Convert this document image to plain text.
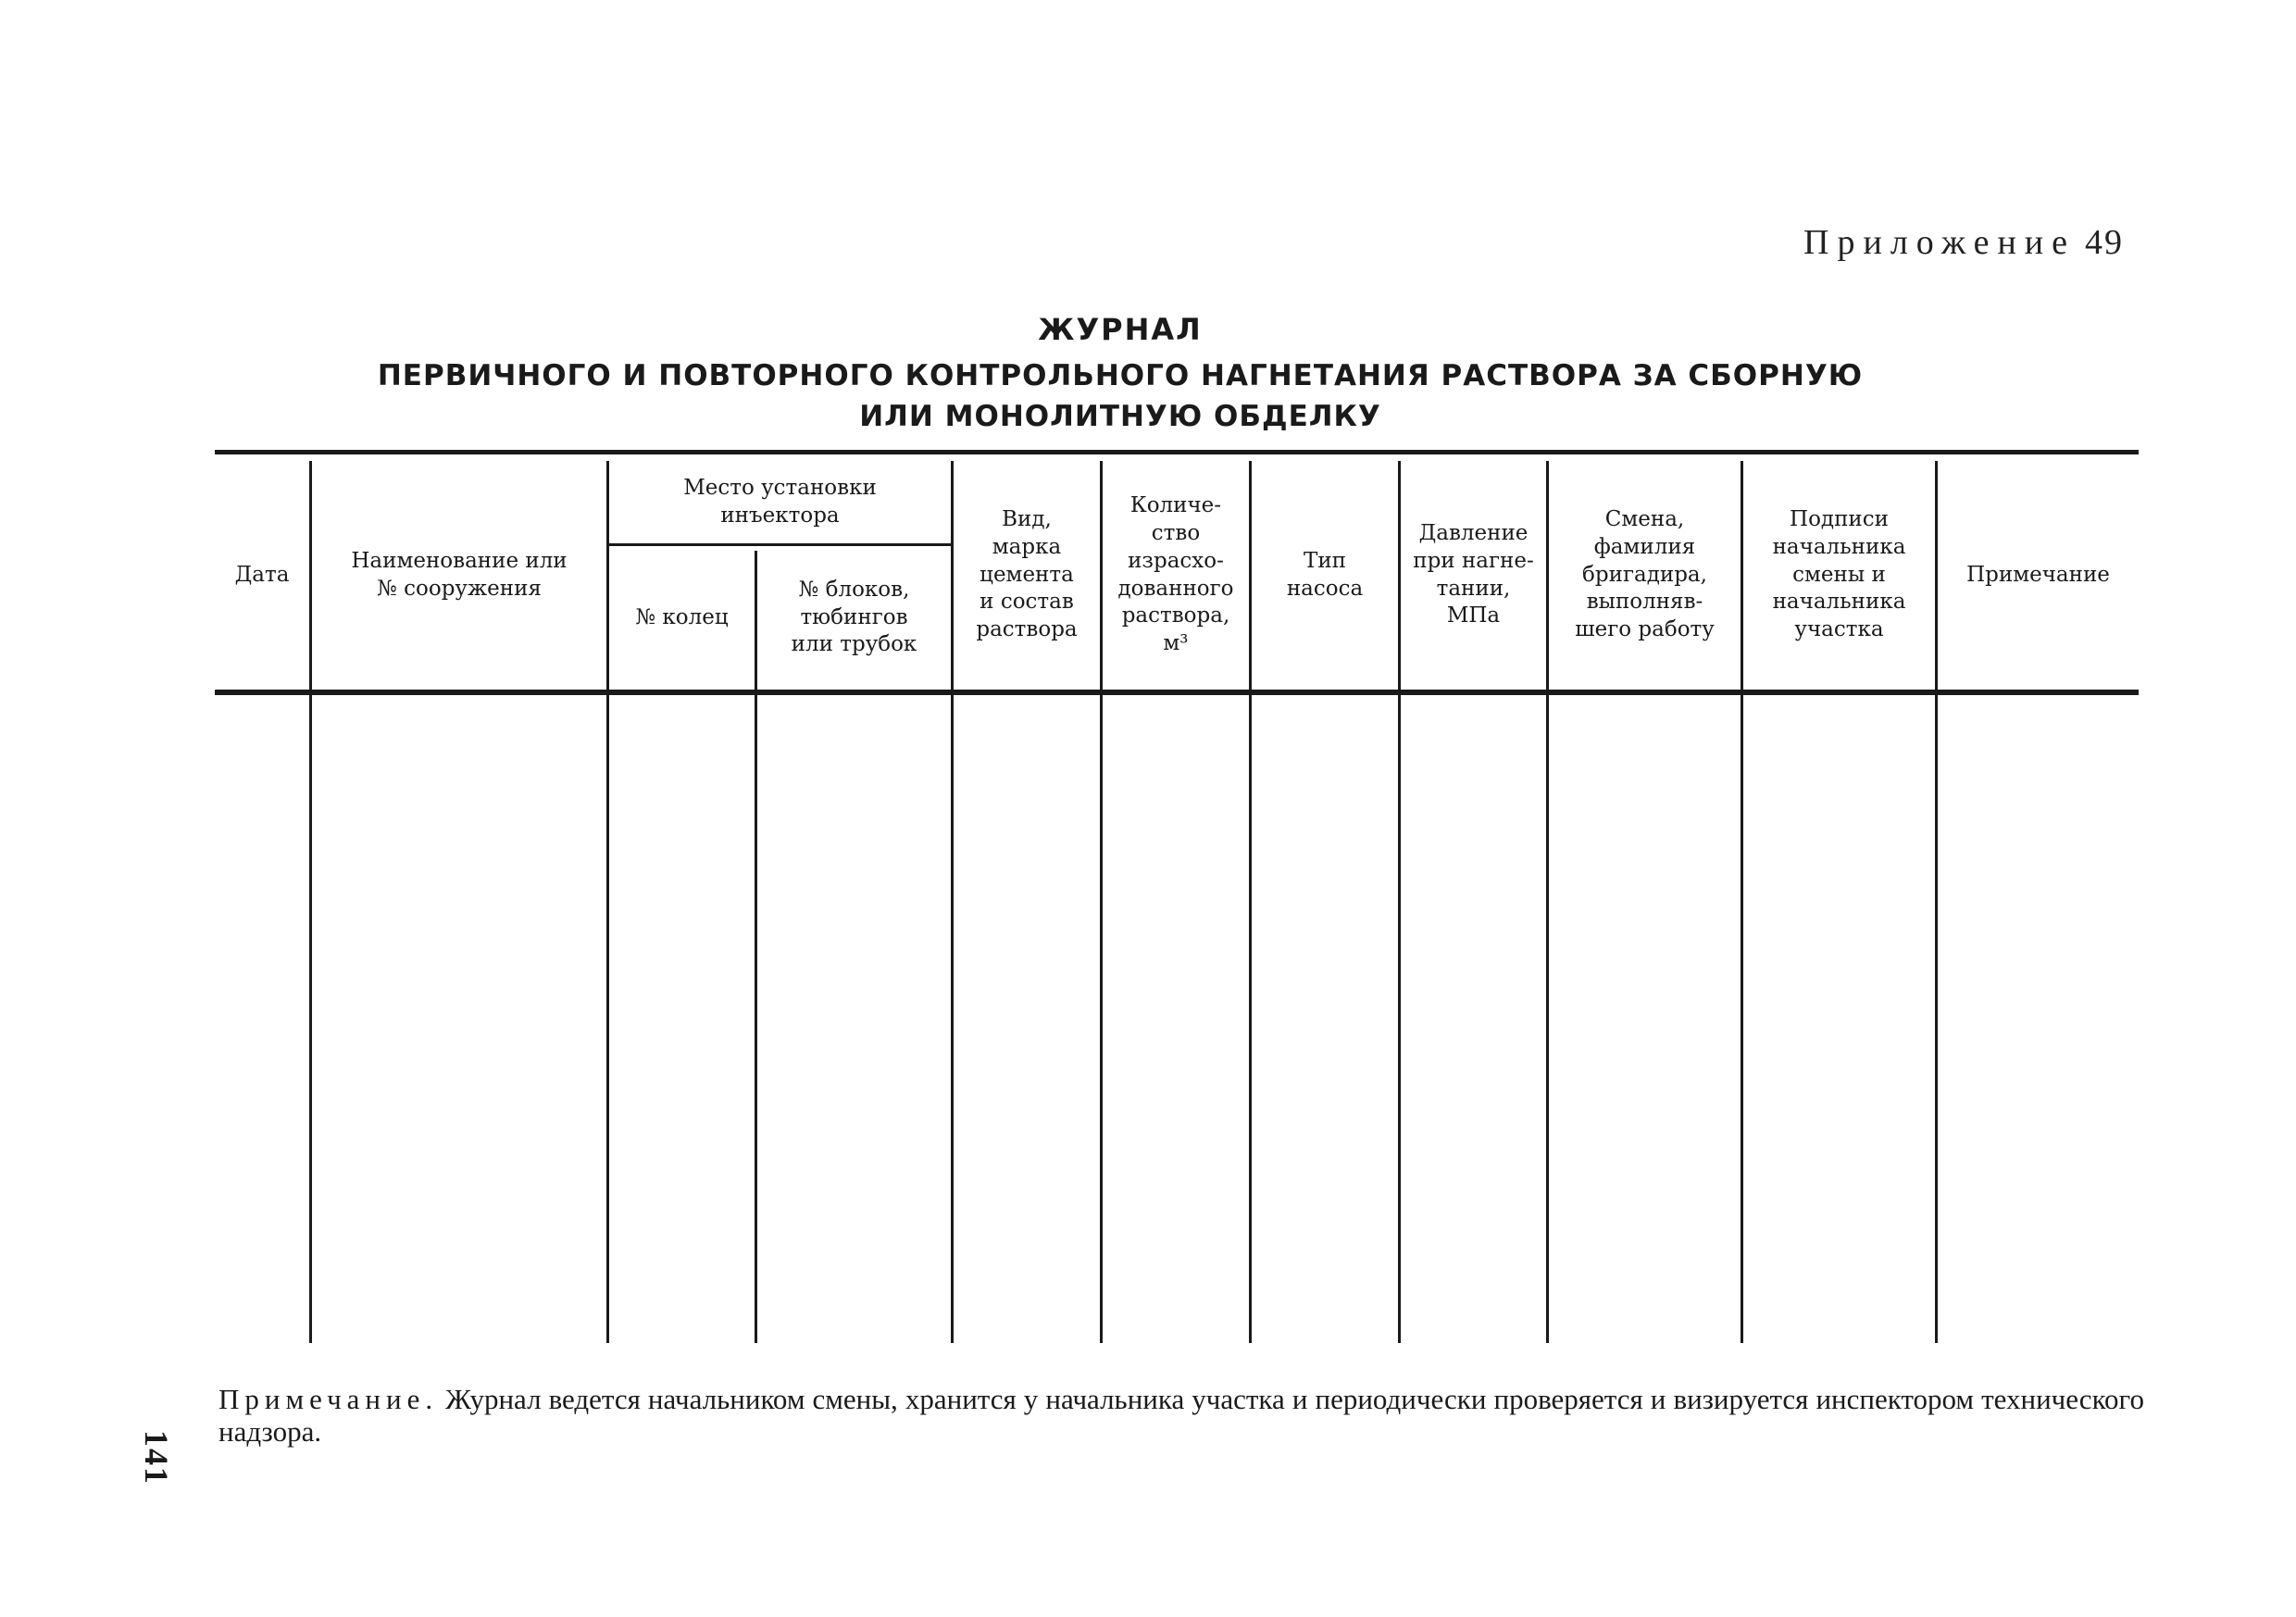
Приложение 49
ЖУРНАЛ
ПЕРВИЧНОГО И ПОВТОРНОГО КОНТРОЛЬНОГО НАГНЕТАНИЯ РАСТВОРА ЗА СБОРНУЮ
ИЛИ МОНОЛИТНУЮ ОБДЕЛКУ
Дата
Наименование или
№ сооружения
Место установки
инъектора
№ колец
№ блоков,
тюбингов
или трубок
Вид,
марка
цемента
и состав
раствора
Количе-
ство
израсхо-
дованного
раствора,
м³
Тип
насоса
Давление
при нагне-
тании,
МПа
Смена,
фамилия
бригадира,
выполняв-
шего работу
Подписи
начальника
смены и
начальника
участка
Примечание
Примечание. Журнал ведется начальником смены, хранится у начальника участка и периодически проверяется и визируется инспектором технического надзора.
141
